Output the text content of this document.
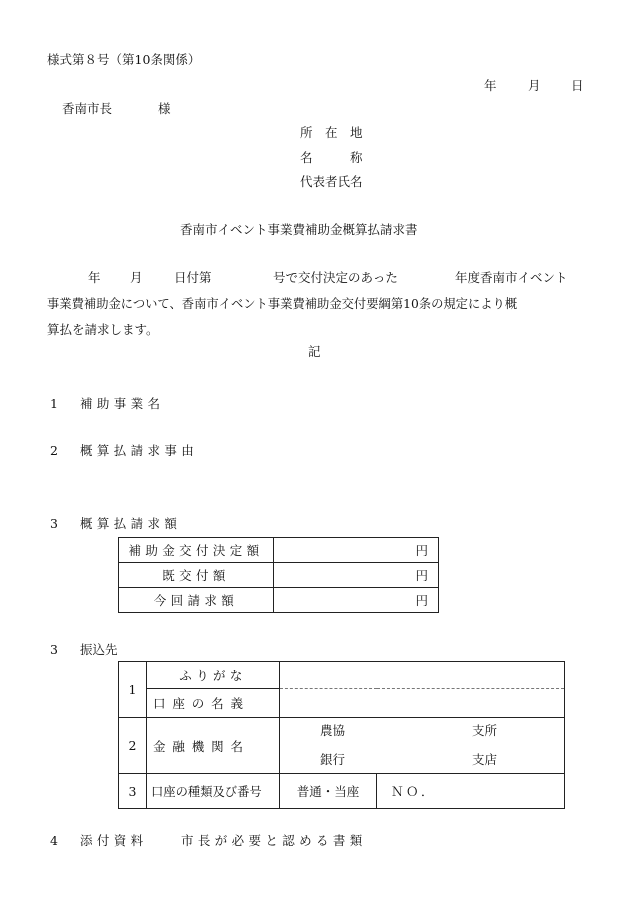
様式第８号（第10条関係）
年	月 日
香南市長	様
所　在　地
名　　　称
代表者氏名
香南市イベント事業費補助金概算払請求書
年 月	日付第	号で交付決定のあった	年度香南市イベント
事業費補助金について、香南市イベント事業費補助金交付要綱第10条の規定により概
算払を請求します。
記
1 補助事業名
2 概算払請求事由
3 概算払請求額
補助金交付決定額	円
既交付額	円
今回請求額	円
3 振込先
1	ふりがな		
	口座の名義		
2	金融機関名	農協 支所
銀行 支店	

3	口座の種類及び番号	普通・当座	ＮＯ．
4 添付資料	市長が必要と認める書類
